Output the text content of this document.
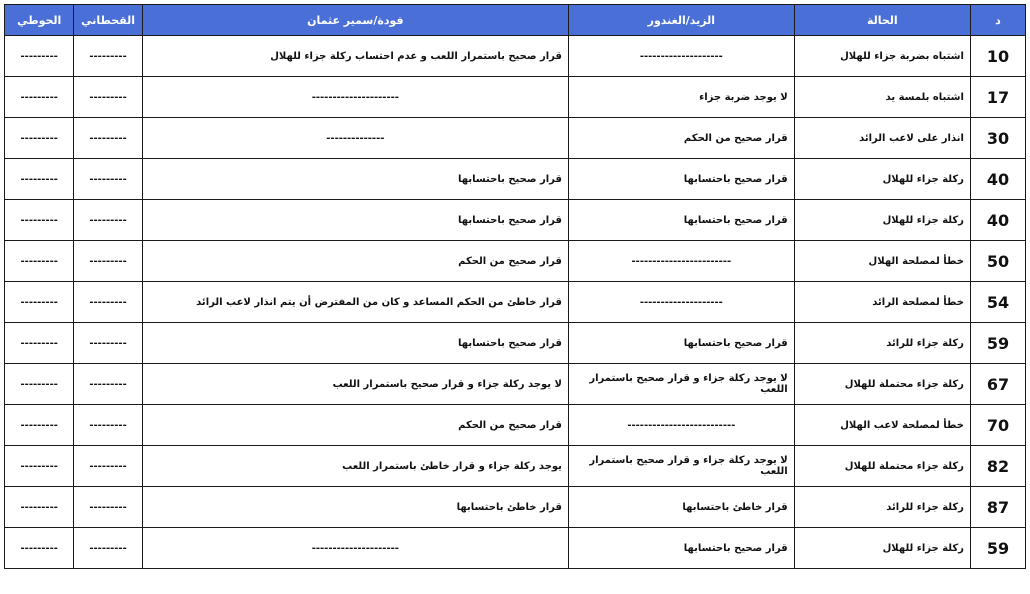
د	الحالة	الزيد/الغندور	فودة/سمير عثمان	القحطاني	الحوطي
10	اشتباه بضربة جزاء للهلال	--------------------	قرار صحيح باستمرار اللعب و عدم احتساب ركلة جزاء للهلال	---------	---------
17	اشتباه بلمسة يد	لا يوجد ضربة جزاء	---------------------	---------	---------
30	انذار على لاعب الرائد	قرار صحيح من الحكم	--------------	---------	---------
40	ركلة جزاء للهلال	قرار صحيح باحتسابها	قرار صحيح باحتسابها	---------	---------
40	ركلة جزاء للهلال	قرار صحيح باحتسابها	قرار صحيح باحتسابها	---------	---------
50	خطأ لمصلحة الهلال	------------------------	قرار صحيح من الحكم	---------	---------
54	خطأ لمصلحة الرائد	--------------------	قرار خاطئ من الحكم المساعد و كان من المفترض أن يتم انذار لاعب الرائد	---------	---------
59	ركلة جزاء للرائد	قرار صحيح باحتسابها	قرار صحيح باحتسابها	---------	---------
67	ركلة جزاء محتملة للهلال	لا يوجد ركلة جزاء و قرار صحيح باستمرار اللعب	لا يوجد ركلة جزاء و قرار صحيح باستمرار اللعب	---------	---------
70	خطأ لمصلحة لاعب الهلال	--------------------------	قرار صحيح من الحكم	---------	---------
82	ركلة جزاء محتملة للهلال	لا يوجد ركلة جزاء و قرار صحيح باستمرار اللعب	يوجد ركلة جزاء و قرار خاطئ باستمرار اللعب	---------	---------
87	ركلة جزاء للرائد	قرار خاطئ باحتسابها	قرار خاطئ باحتسابها	---------	---------
59	ركلة جزاء للهلال	قرار صحيح باحتسابها	---------------------	---------	---------
